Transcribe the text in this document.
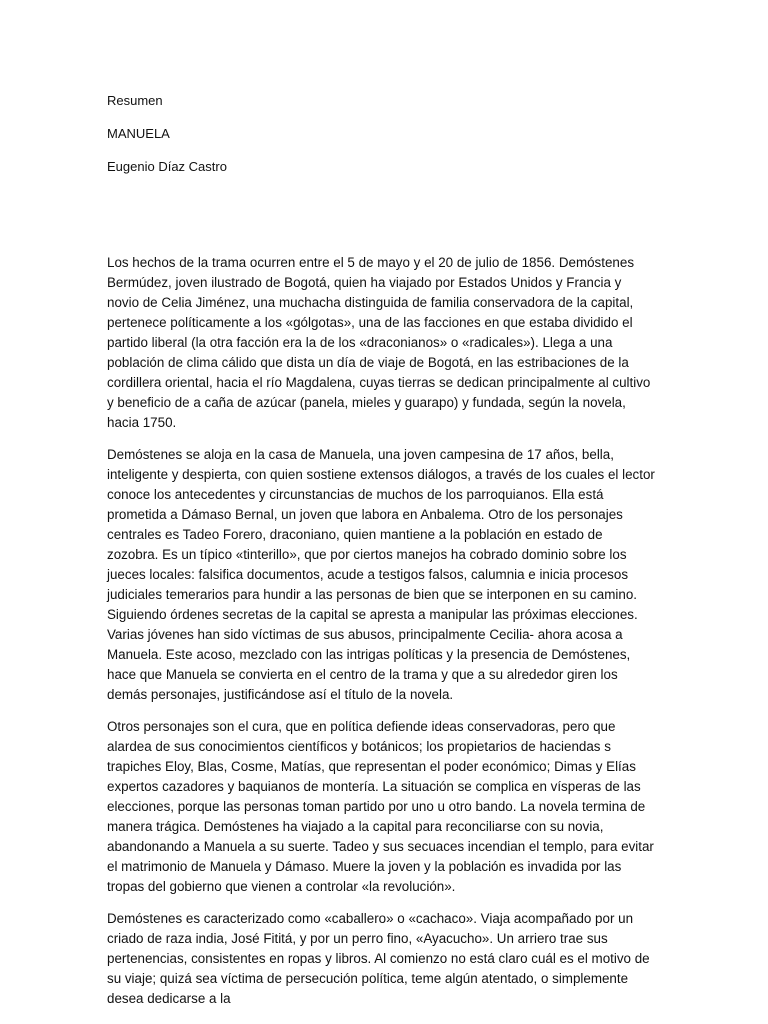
Resumen

MANUELA

Eugenio Díaz Castro

Los hechos de la trama ocurren entre el 5 de mayo y el 20 de julio de 1856. Demóstenes Bermúdez, joven ilustrado de Bogotá, quien ha viajado por Estados Unidos y Francia y novio de Celia Jiménez, una muchacha distinguida de familia conservadora de la capital, pertenece políticamente a los «gólgotas», una de las facciones en que estaba dividido el partido liberal (la otra facción era la de los «draconianos» o «radicales»). Llega a una población de clima cálido que dista un día de viaje de Bogotá, en las estribaciones de la cordillera oriental, hacia el río Magdalena, cuyas tierras se dedican principalmente al cultivo y beneficio de a caña de azúcar (panela, mieles y guarapo) y fundada, según la novela, hacia 1750.

Demóstenes se aloja en la casa de Manuela, una joven campesina de 17 años, bella, inteligente y despierta, con quien sostiene extensos diálogos, a través de los cuales el lector conoce los antecedentes y circunstancias de muchos de los parroquianos. Ella está prometida a Dámaso Bernal, un joven que labora en Anbalema. Otro de los personajes centrales es Tadeo Forero, draconiano, quien mantiene a la población en estado de zozobra. Es un típico «tinterillo», que por ciertos manejos ha cobrado dominio sobre los jueces locales: falsifica documentos, acude a testigos falsos, calumnia e inicia procesos judiciales temerarios para hundir a las personas de bien que se interponen en su camino. Siguiendo órdenes secretas de la capital se apresta a manipular las próximas elecciones. Varias jóvenes han sido víctimas de sus abusos, principalmente Cecilia- ahora acosa a Manuela. Este acoso, mezclado con las intrigas políticas y la presencia de Demóstenes, hace que Manuela se convierta en el centro de la trama y que a su alrededor giren los demás personajes, justificándose así el título de la novela.

Otros personajes son el cura, que en política defiende ideas conservadoras, pero que alardea de sus conocimientos científicos y botánicos; los propietarios de haciendas s trapiches Eloy, Blas, Cosme, Matías, que representan el poder económico; Dimas y Elías expertos cazadores y baquianos de montería. La situación se complica en vísperas de las elecciones, porque las personas toman partido por uno u otro bando. La novela termina de manera trágica. Demóstenes ha viajado a la capital para reconciliarse con su novia, abandonando a Manuela a su suerte. Tadeo y sus secuaces incendian el templo, para evitar el matrimonio de Manuela y Dámaso. Muere la joven y la población es invadida por las tropas del gobierno que vienen a controlar «la revolución».

Demóstenes es caracterizado como «caballero» o «cachaco». Viaja acompañado por un criado de raza india, José Fititá, y por un perro fino, «Ayacucho». Un arriero trae sus pertenencias, consistentes en ropas y libros. Al comienzo no está claro cuál es el motivo de su viaje; quizá sea víctima de persecución política, teme algún atentado, o simplemente desea dedicarse a la
